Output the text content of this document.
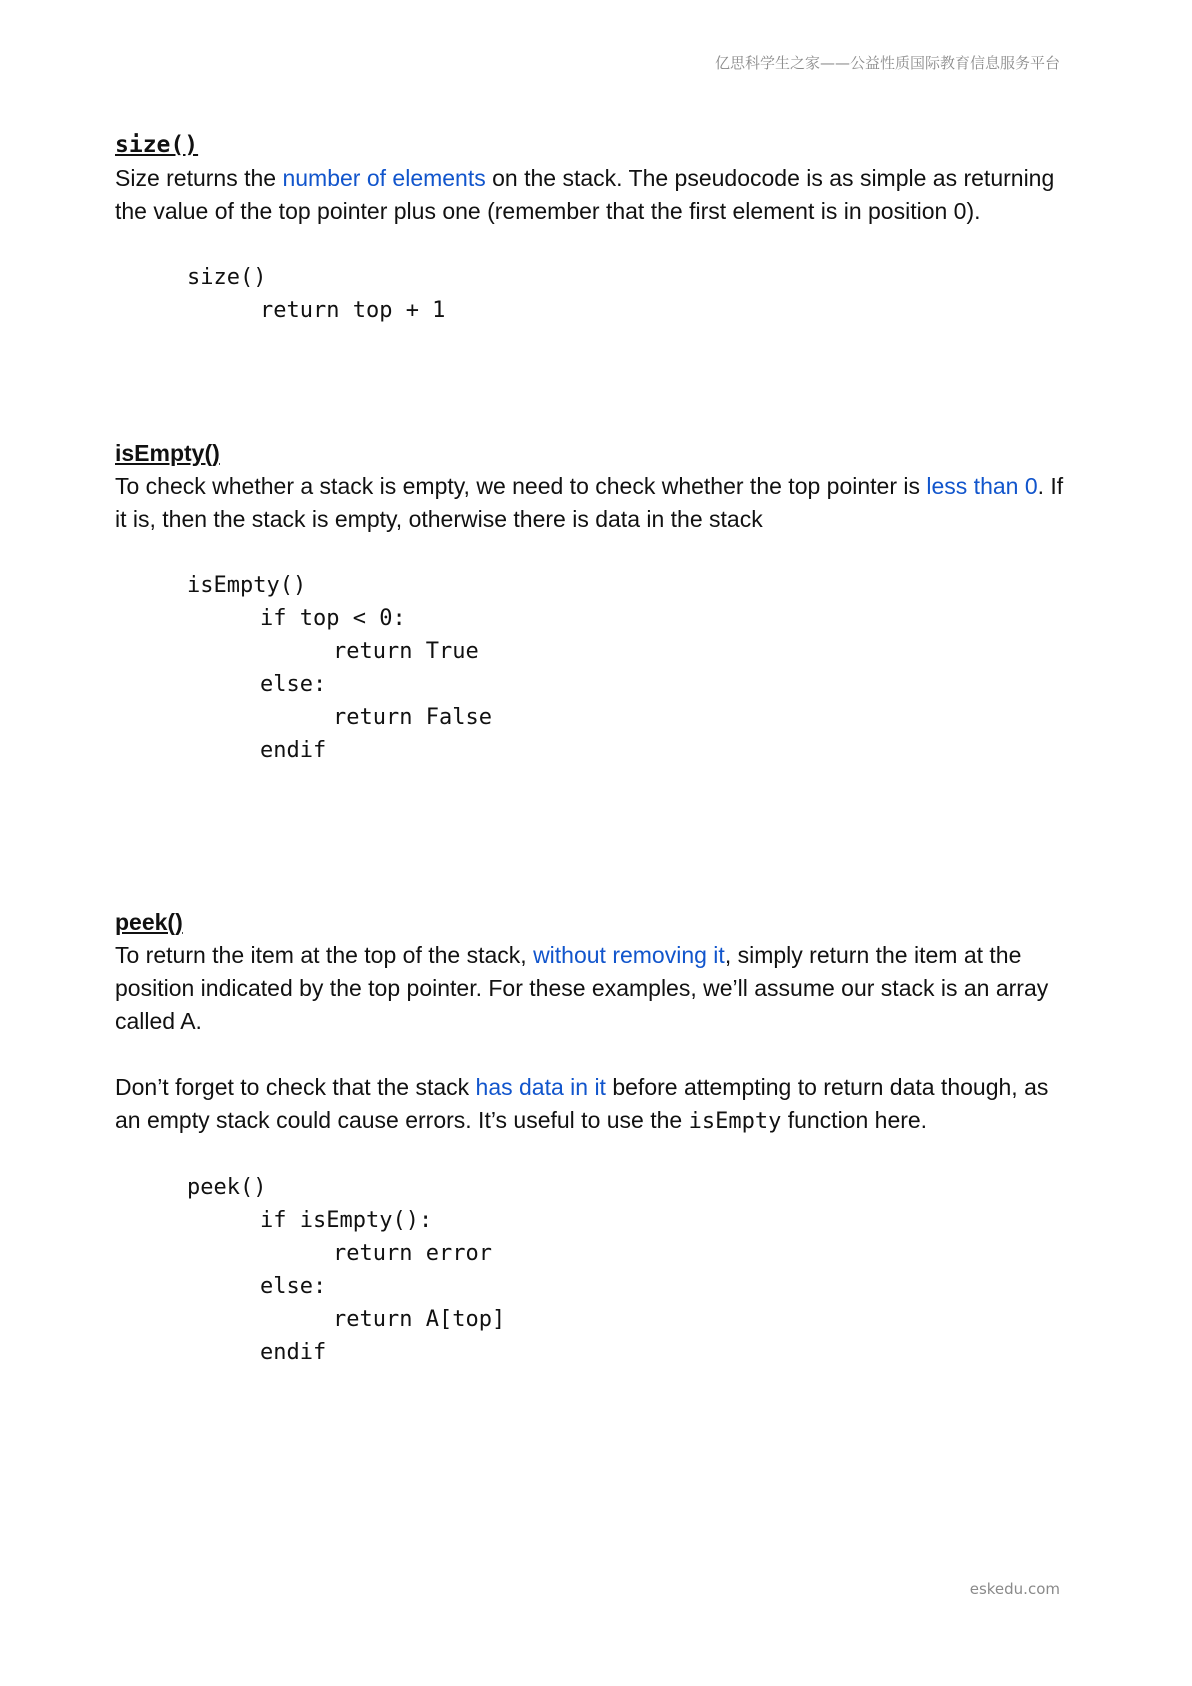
亿思科学生之家——公益性质国际教育信息服务平台
size()

Size returns the number of elements on the stack. The pseudocode is as simple as returning the value of the top pointer plus one (remember that the first element is in position 0).

size()
return top + 1
isEmpty()

To check whether a stack is empty, we need to check whether the top pointer is less than 0. If it is, then the stack is empty, otherwise there is data in the stack

isEmpty()
if top < 0:
return True
else:
return False
endif
peek()

To return the item at the top of the stack, without removing it, simply return the item at the position indicated by the top pointer. For these examples, we’ll assume our stack is an array called A.

Don’t forget to check that the stack has data in it before attempting to return data though, as an empty stack could cause errors. It’s useful to use the isEmpty function here.

peek()
if isEmpty():
return error
else:
return A[top]
endif
eskedu.com
